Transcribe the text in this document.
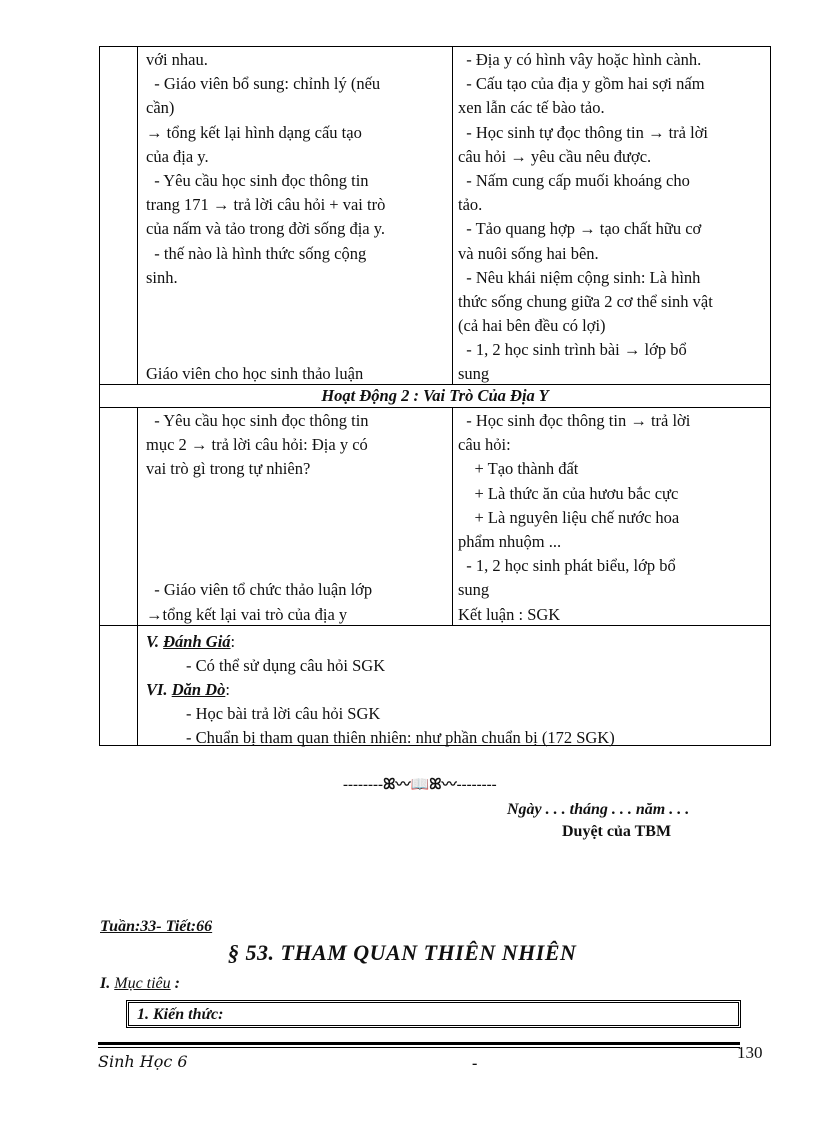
với nhau.
- Giáo viên bổ sung: chỉnh lý (nếu
cần)
→ tổng kết lại hình dạng cấu tạo
của địa y.
- Yêu cầu học sinh đọc thông tin
trang 171 → trả lời câu hỏi + vai trò
của nấm và tảo trong đời sống địa y.
- thế nào là hình thức sống cộng
sinh.
Giáo viên cho học sinh thảo luận
- Địa y có hình vây hoặc hình cành.
- Cấu tạo của địa y gồm hai sợi nấm
xen lẫn các tế bào tảo.
- Học sinh tự đọc thông tin → trả lời
câu hỏi → yêu cầu nêu được.
- Nấm cung cấp muối khoáng cho
tảo.
- Tảo quang hợp → tạo chất hữu cơ
và nuôi sống hai bên.
- Nêu khái niệm cộng sinh: Là hình
thức sống chung giữa 2 cơ thể sinh vật
(cả hai bên đều có lợi)
- 1, 2 học sinh trình bài → lớp bổ
sung
Hoạt Động 2 : Vai Trò Của Địa Y
- Yêu cầu học sinh đọc thông tin
mục 2 → trả lời câu hỏi: Địa y có
vai trò gì trong tự nhiên?
- Giáo viên tổ chức thảo luận lớp
→tổng kết lại vai trò của địa y
- Học sinh đọc thông tin → trả lời
câu hỏi:
+ Tạo thành đất
+ Là thức ăn của hươu bắc cực
+ Là nguyên liệu chế nước hoa
phẩm nhuộm ...
- 1, 2 học sinh phát biểu, lớp bổ
sung
Kết luận : SGK
V. Đánh Giá:
- Có thể sử dụng câu hỏi SGK
VI. Dăn Dò:
- Học bài trả lời câu hỏi SGK
- Chuẩn bị tham quan thiên nhiên: như phần chuẩn bị (172 SGK)
--------ꕤ〰📖ꕤ〰--------
Ngày . . . tháng . . . năm . . .
Duyệt của TBM
Tuần:33- Tiết:66
§ 53. THAM QUAN THIÊN NHIÊN
I. Mục tiêu :
1. Kiến thức:
130
Sinh Học 6	-
